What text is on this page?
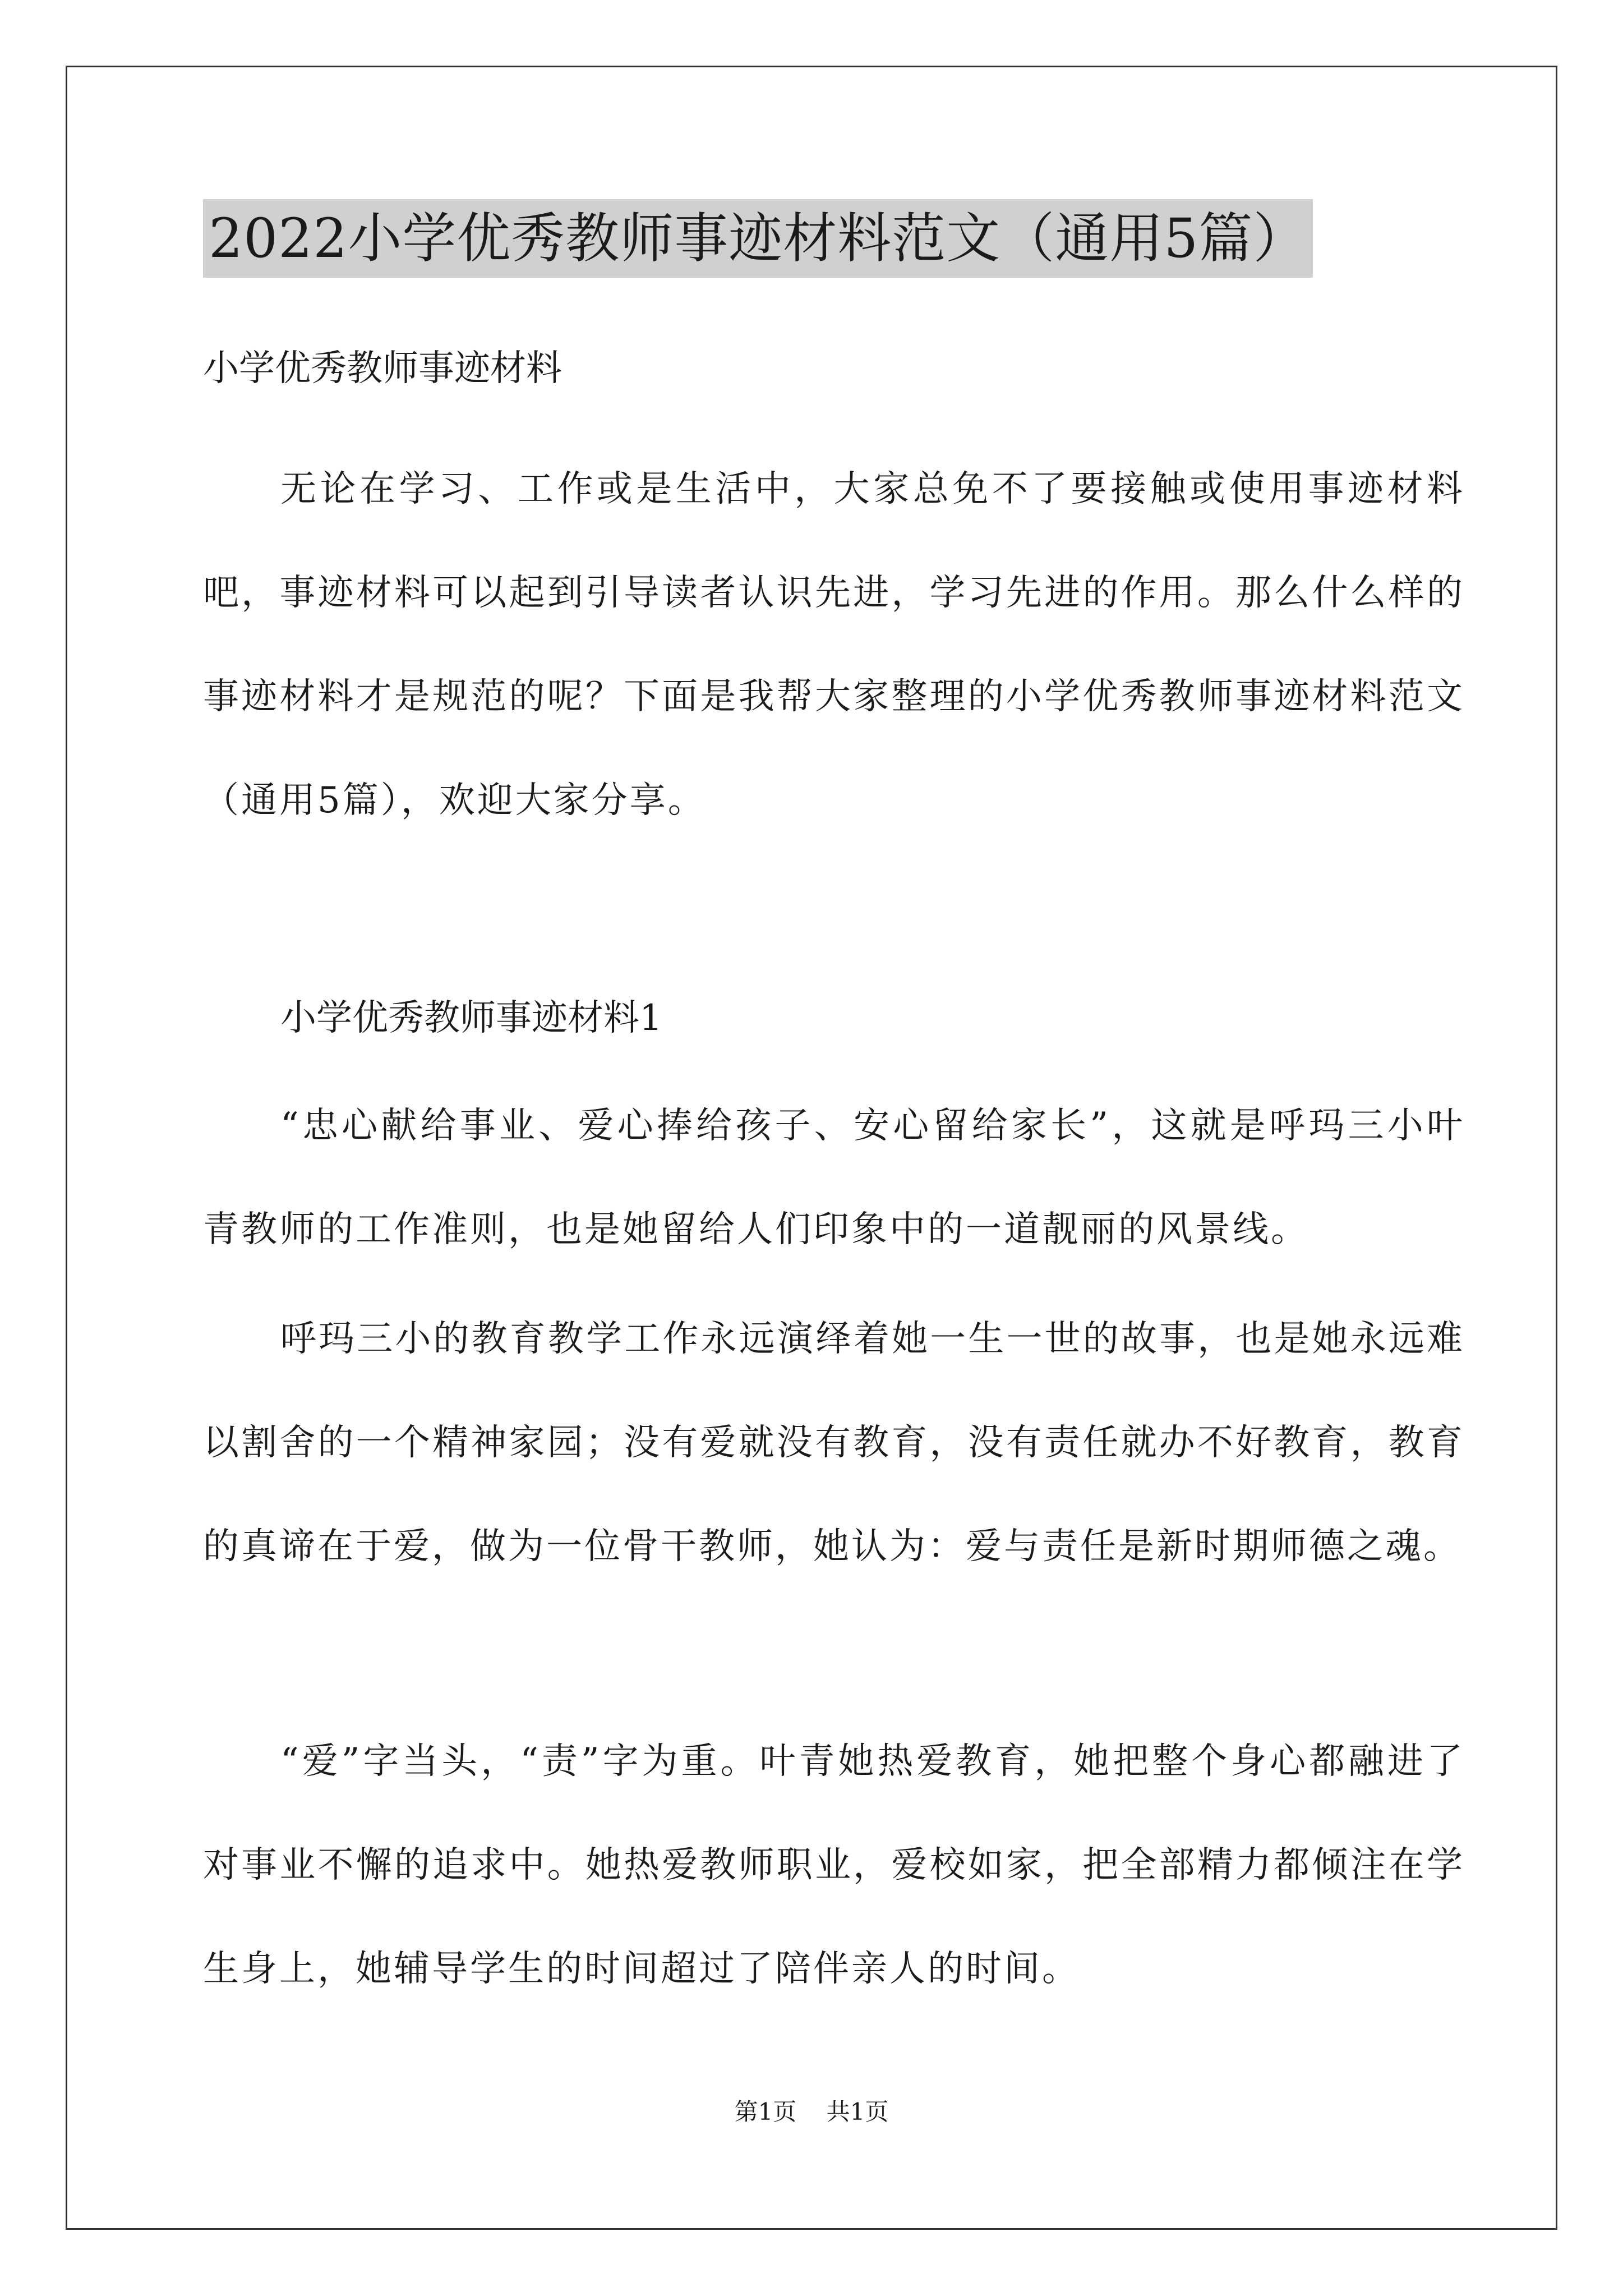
2022小学优秀教师事迹材料范文（通用5篇）
小学优秀教师事迹材料
无论在学习、工作或是生活中，大家总免不了要接触或使用事迹材料吧，事迹材料可以起到引导读者认识先进，学习先进的作用。那么什么样的事迹材料才是规范的呢？下面是我帮大家整理的小学优秀教师事迹材料范文（通用5篇），欢迎大家分享。
小学优秀教师事迹材料1
“忠心献给事业、爱心捧给孩子、安心留给家长”，这就是呼玛三小叶青教师的工作准则，也是她留给人们印象中的一道靓丽的风景线。
呼玛三小的教育教学工作永远演绎着她一生一世的故事，也是她永远难以割舍的一个精神家园；没有爱就没有教育，没有责任就办不好教育，教育的真谛在于爱，做为一位骨干教师，她认为：爱与责任是新时期师德之魂。
“爱”字当头，“责”字为重。叶青她热爱教育，她把整个身心都融进了对事业不懈的追求中。她热爱教师职业，爱校如家，把全部精力都倾注在学生身上，她辅导学生的时间超过了陪伴亲人的时间。
第1页 共1页
